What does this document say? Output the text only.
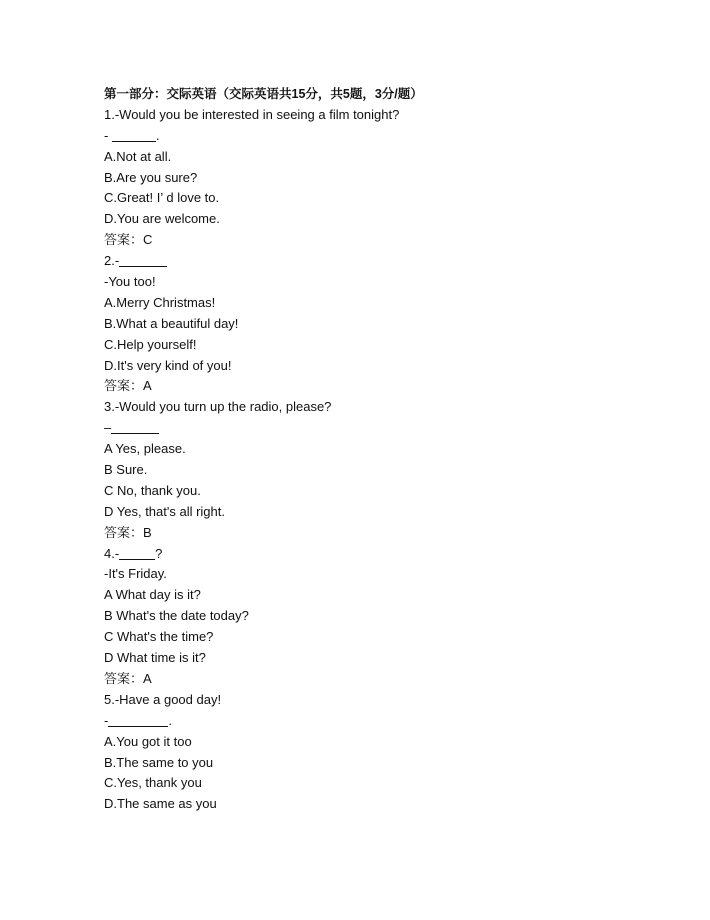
第一部分：交际英语（交际英语共15分，共5题，3分/题）
1.-Would you be interested in seeing a film tonight?
-	.
A.Not at all.
B.Are you sure?
C.Great! I’ d love to.
D.You are welcome.
答案：C
2.-
-You too!
A.Merry Christmas!
B.What a beautiful day!
C.Help yourself!
D.It's very kind of you!
答案：A
3.-Would you turn up the radio, please?
–
A Yes, please.
B Sure.
C No, thank you.
D Yes, that's all right.
答案：B
4.-	?
-It's Friday.
A What day is it?
B What's the date today?
C What's the time?
D What time is it?
答案：A
5.-Have a good day!
-	.
A.You got it too
B.The same to you
C.Yes, thank you
D.The same as you
